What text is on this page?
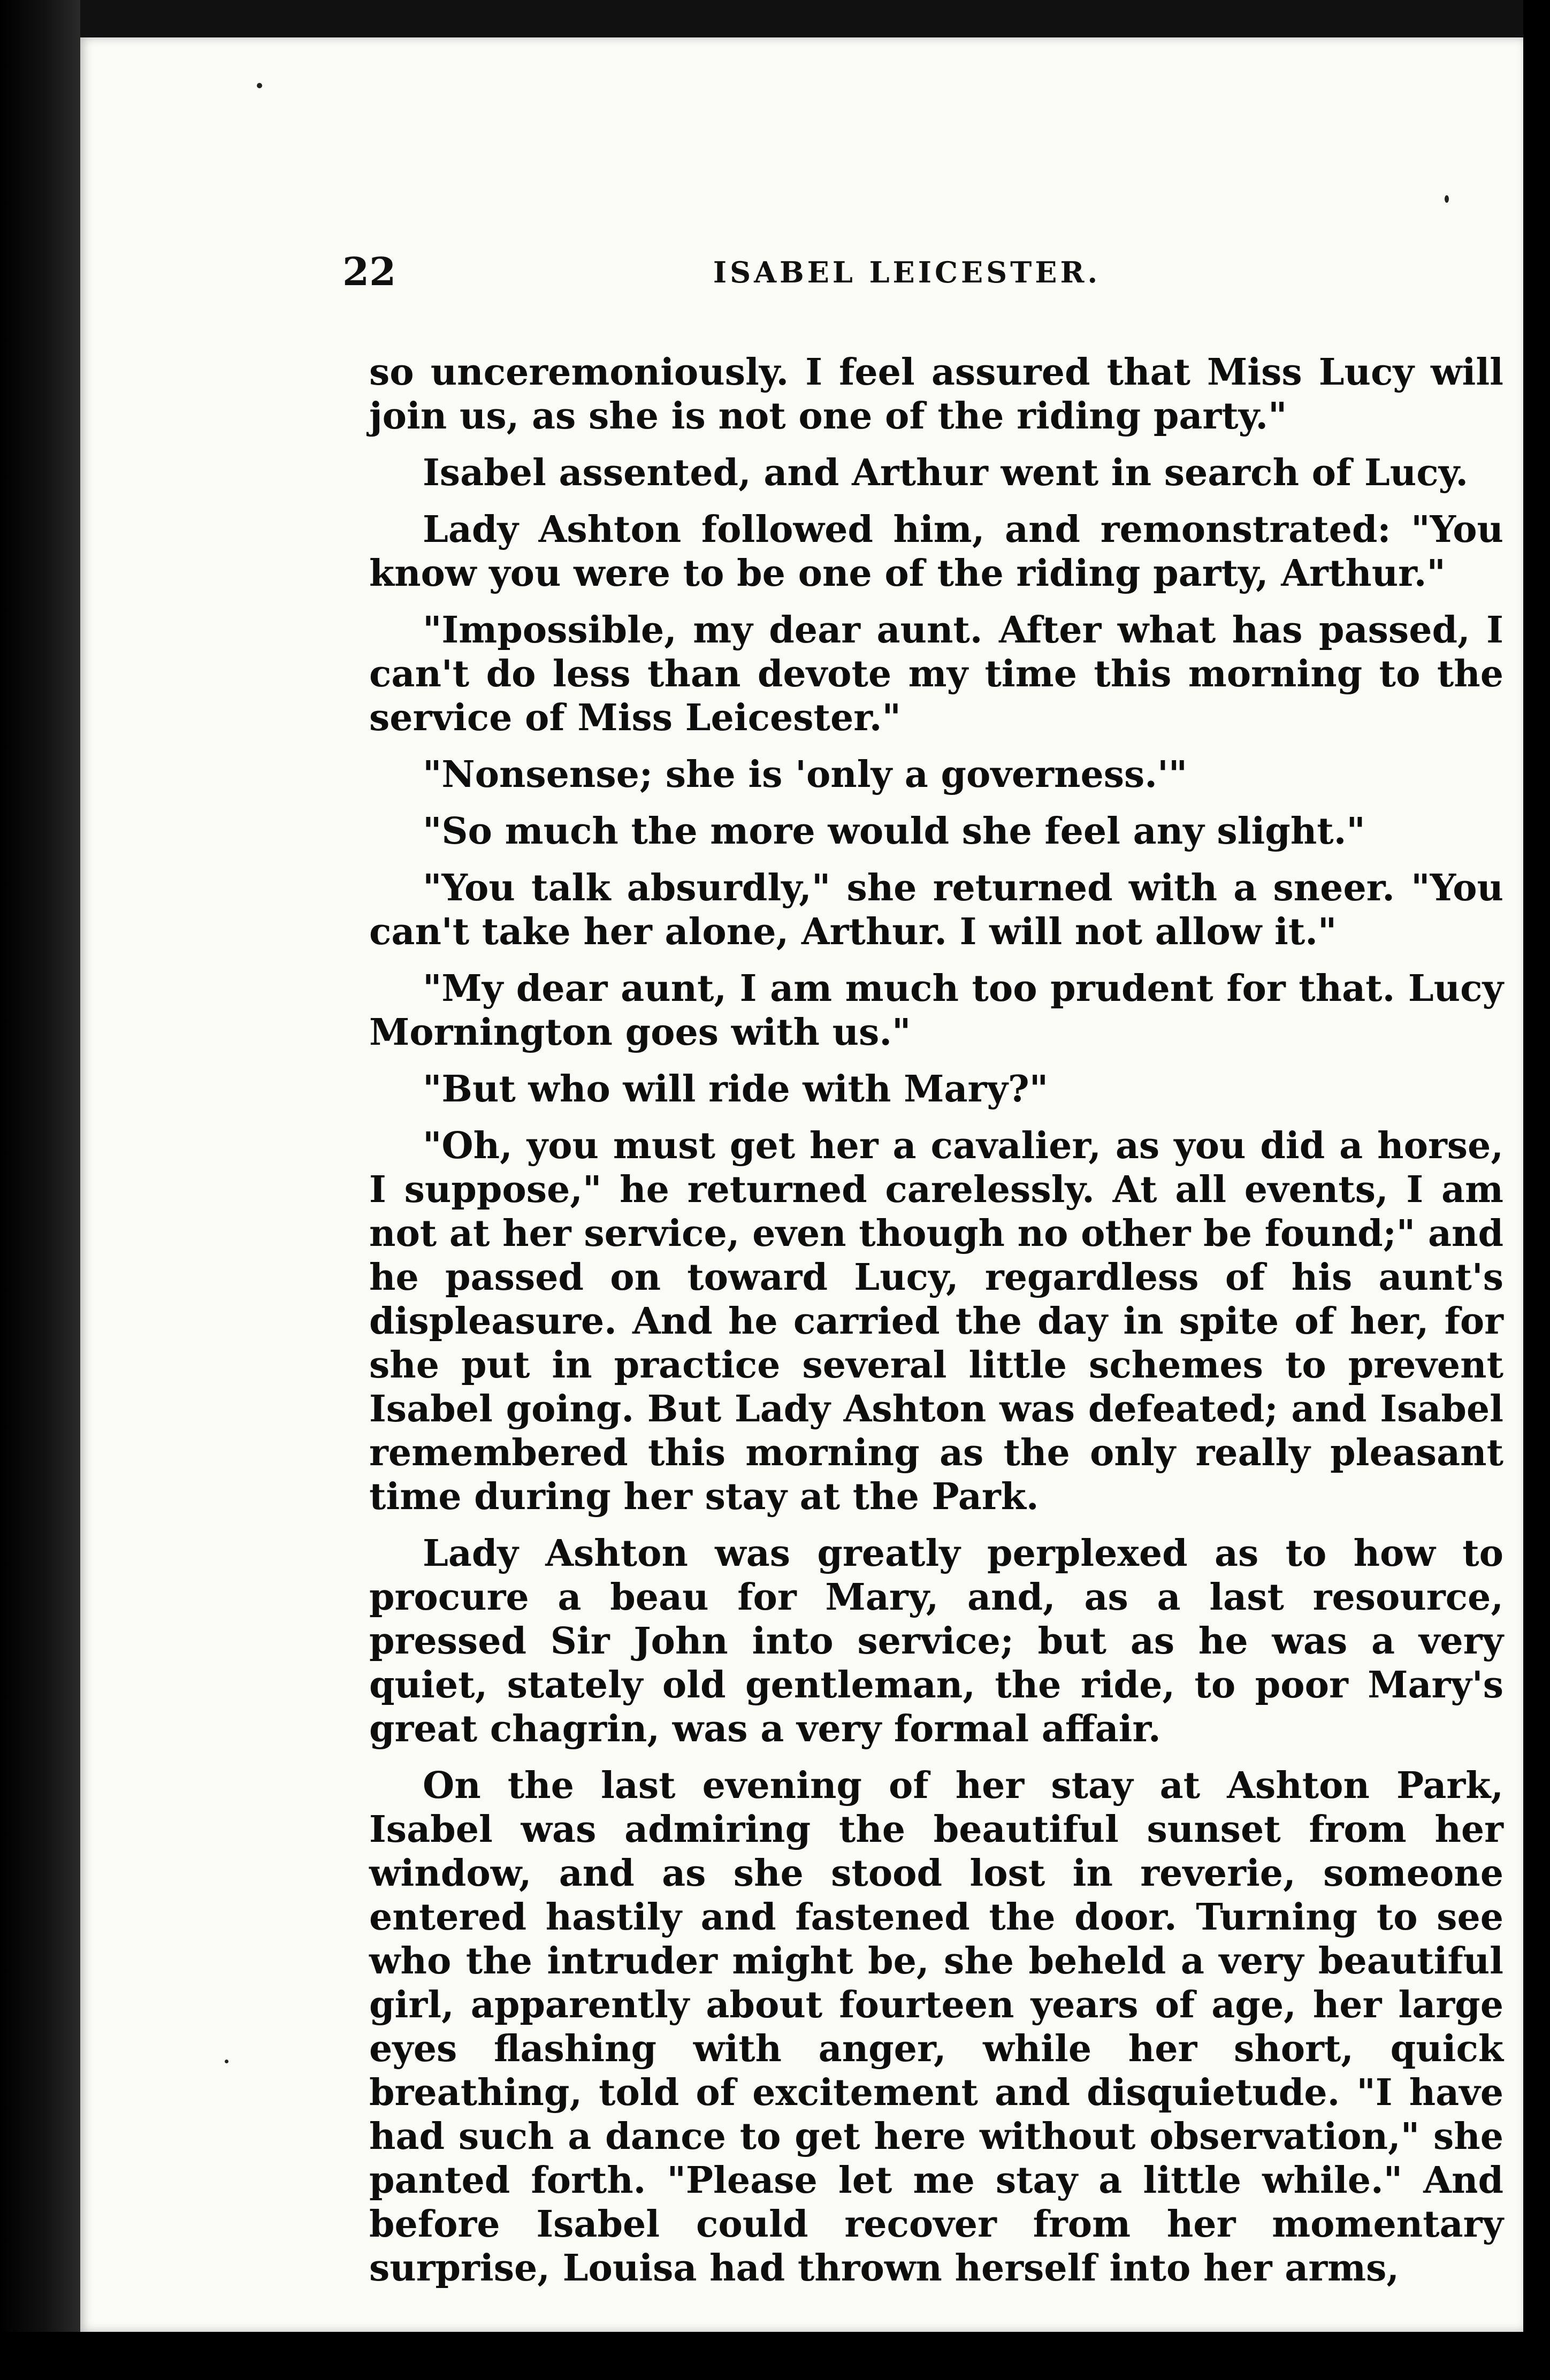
22	ISABEL LEICESTER.

so unceremoniously. I feel assured that Miss Lucy will join us, as she is not one of the riding party."

Isabel assented, and Arthur went in search of Lucy.

Lady Ashton followed him, and remonstrated: "You know you were to be one of the riding party, Arthur."

"Impossible, my dear aunt. After what has passed, I can't do less than devote my time this morning to the service of Miss Leicester."

"Nonsense; she is 'only a governess.'"

"So much the more would she feel any slight."

"You talk absurdly," she returned with a sneer. "You can't take her alone, Arthur. I will not allow it."

"My dear aunt, I am much too prudent for that. Lucy Mornington goes with us."

"But who will ride with Mary?"

"Oh, you must get her a cavalier, as you did a horse, I suppose," he returned carelessly. At all events, I am not at her service, even though no other be found;" and he passed on toward Lucy, regardless of his aunt's displeasure. And he carried the day in spite of her, for she put in practice several little schemes to prevent Isabel going. But Lady Ashton was defeated; and Isabel remembered this morning as the only really pleasant time during her stay at the Park.

Lady Ashton was greatly perplexed as to how to procure a beau for Mary, and, as a last resource, pressed Sir John into service; but as he was a very quiet, stately old gentleman, the ride, to poor Mary's great chagrin, was a very formal affair.

On the last evening of her stay at Ashton Park, Isabel was admiring the beautiful sunset from her window, and as she stood lost in reverie, someone entered hastily and fastened the door. Turning to see who the intruder might be, she beheld a very beautiful girl, apparently about fourteen years of age, her large eyes flashing with anger, while her short, quick breathing, told of excitement and disquietude. "I have had such a dance to get here without observation," she panted forth. "Please let me stay a little while." And before Isabel could recover from her momentary surprise, Louisa had thrown herself into her arms,
